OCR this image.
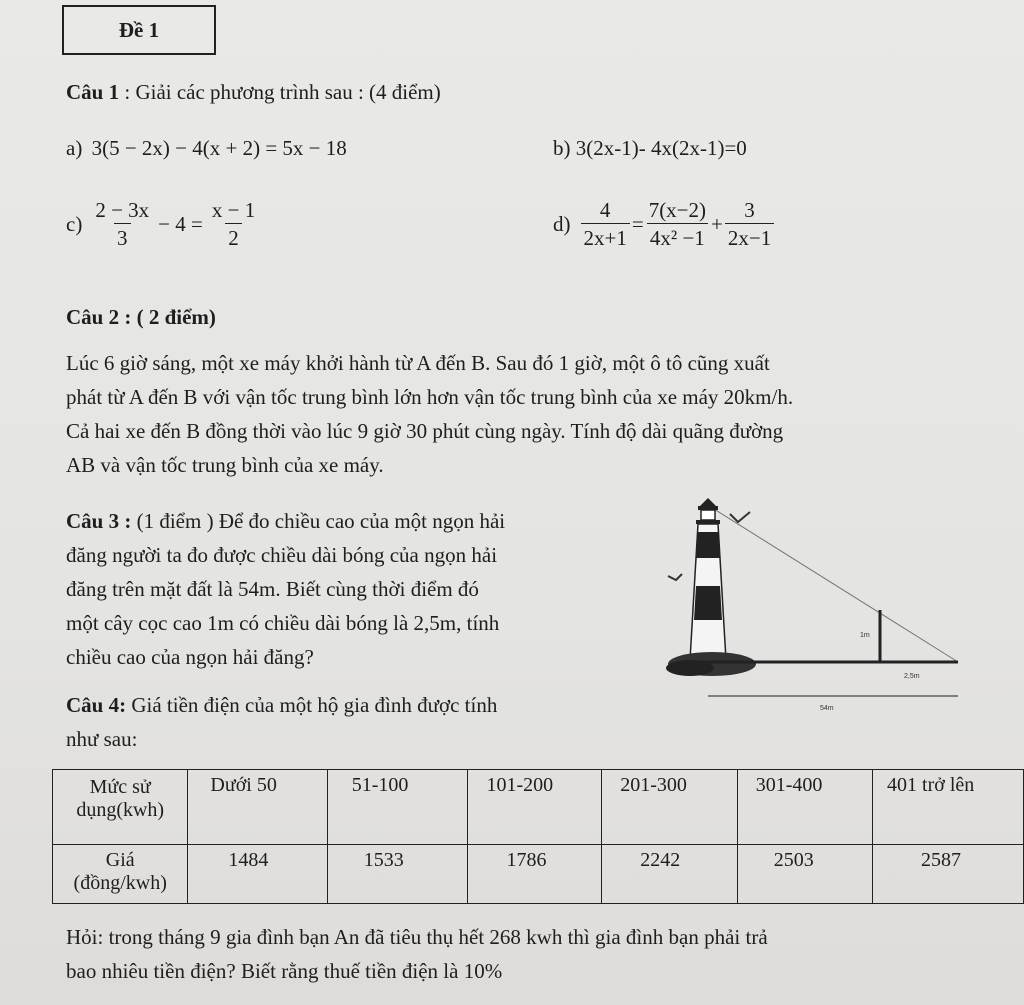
Đề 1
Câu 1 : Giải các phương trình sau : (4 điểm)
a) 3(5 − 2x) − 4(x + 2) = 5x − 18	b) 3(2x-1)- 4x(2x-1)=0
$c) \frac{2 - 3x}{3} - 4 = \frac{x - 1}{2}$	$d) \frac{4}{2x+1} = \frac{7(x-2)}{\text{4x² −1}} + \frac{3}{2x-1}$
Câu 2 : ( 2 điểm)
Lúc 6 giờ sáng, một xe máy khởi hành từ A đến B. Sau đó 1 giờ, một ô tô cũng xuất
phát từ A đến B với vận tốc trung bình lớn hơn vận tốc trung bình của xe máy 20km/h.
Cả hai xe đến B đồng thời vào lúc 9 giờ 30 phút cùng ngày. Tính độ dài quãng đường
AB và vận tốc trung bình của xe máy.
Câu 3 : (1 điểm ) Để đo chiều cao của một ngọn hải
đăng người ta đo được chiều dài bóng của ngọn hải
đăng trên mặt đất là 54m. Biết cùng thời điểm đó
một cây cọc cao 1m có chiều dài bóng là 2,5m, tính
chiều cao của ngọn hải đăng?
1m
2,5m
54m
Câu 4: Giá tiền điện của một hộ gia đình được tính
như sau:
Mức sử
dụng(kwh)	Dưới 50	51-100	101-200	201-300	301-400	401 trở lên

Giá
(đồng/kwh)	1484	1533	1786	2242	2503	2587
Hỏi: trong tháng 9 gia đình bạn An đã tiêu thụ hết 268 kwh thì gia đình bạn phải trả
bao nhiêu tiền điện? Biết rằng thuế tiền điện là 10%
